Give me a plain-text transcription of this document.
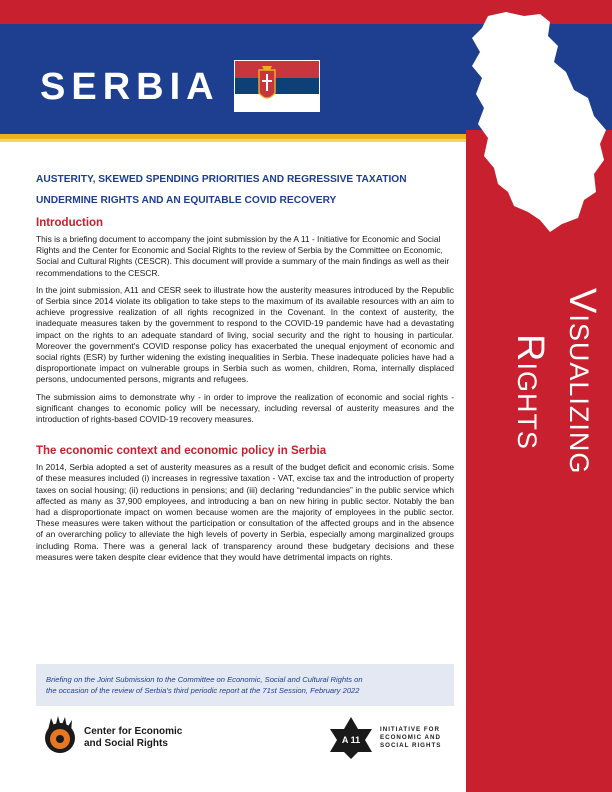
SERBIA
Visualizing
Rights
AUSTERITY, SKEWED SPENDING PRIORITIES AND REGRESSIVE TAXATION
UNDERMINE RIGHTS AND AN EQUITABLE COVID RECOVERY
Introduction

This is a briefing document to accompany the joint submission by the A 11 - Initiative for Economic and Social Rights and the Center for Economic and Social Rights to the review of Serbia by the Committee on Economic, Social and Cultural Rights (CESCR). This document will provide a summary of the main findings as well as their recommendations to the CESCR.

In the joint submission, A11 and CESR seek to illustrate how the austerity measures introduced by the Republic of Serbia since 2014 violate its obligation to take steps to the maximum of its available resources with an aim to achieve progressive realization of all rights recognized in the Covenant. In the context of austerity, the inadequate measures taken by the government to respond to the COVID-19 pandemic have had a devastating impact on the rights to an adequate standard of living, social security and the right to housing in particular. Moreover the government's COVID response policy has exacerbated the unequal enjoyment of economic and social rights (ESR) by further widening the existing inequalities in Serbia. These inadequate policies have had a disproportionate impact on vulnerable groups in Serbia such as women, children, Roma, internally displaced persons, undocumented persons, migrants and refugees.

The submission aims to demonstrate why - in order to improve the realization of economic and social rights - significant changes to economic policy will be necessary, including reversal of austerity measures and the introduction of rights-based COVID-19 recovery measures.

The economic context and economic policy in Serbia

In 2014, Serbia adopted a set of austerity measures as a result of the budget deficit and economic crisis. Some of these measures included (i) increases in regressive taxation - VAT, excise tax and the introduction of property taxes on social housing; (ii) reductions in pensions; and (iii) declaring “redundancies” in the public service which affected as many as 37,900 employees, and introducing a ban on new hiring in public sector. Notably the ban had a disproportionate impact on women because women are the majority of employees in the public sector. These measures were taken without the participation or consultation of the affected groups and in the absence of an overarching policy to alleviate the high levels of poverty in Serbia, especially among marginalized groups including Roma. There was a general lack of transparency around these budgetary decisions and these measures were taken despite clear evidence that they would have detrimental impacts on rights.

Briefing on the Joint Submission to the Committee on Economic, Social and Cultural Rights on
the occasion of the review of Serbia’s third periodic report at the 71st Session, February 2022
Center for Economic
and Social Rights	A 11
INITIATIVE FOR
ECONOMIC AND
SOCIAL RIGHTS
